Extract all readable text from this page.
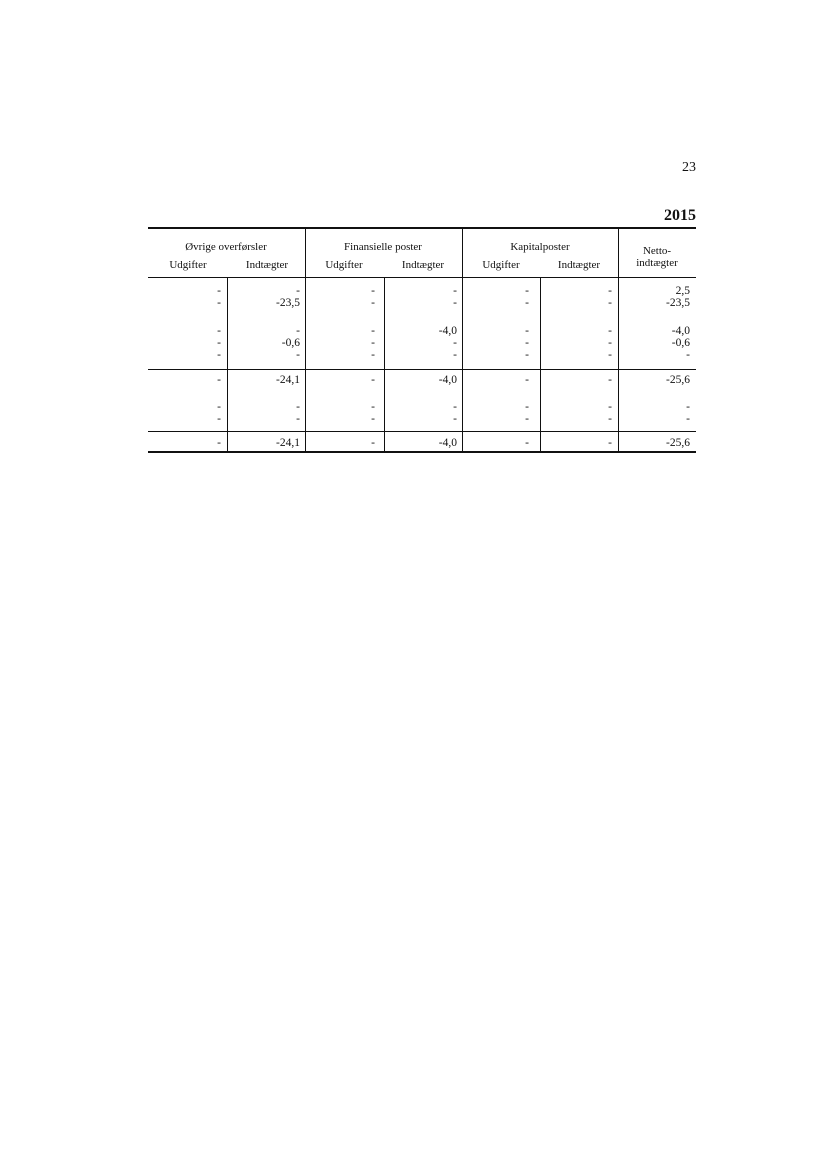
23
2015
Øvrige overførsler	Finansielle poster	Kapitalposter
Udgifter	Indtægter	Udgifter	Indtægter	Udgifter	Indtægter
Netto-
indtægter
-	-	-	-	-	-	2,5
-	-23,5	-	-	-	-	-23,5
-	-	-	-4,0	-	-	-4,0
-	-0,6	-	-	-	-	-0,6
-	-	-	-	-	-	-
-	-24,1	-	-4,0	-	-	-25,6
-	-	-	-	-	-	-
-	-	-	-	-	-	-
-	-24,1	-	-4,0	-	-	-25,6
